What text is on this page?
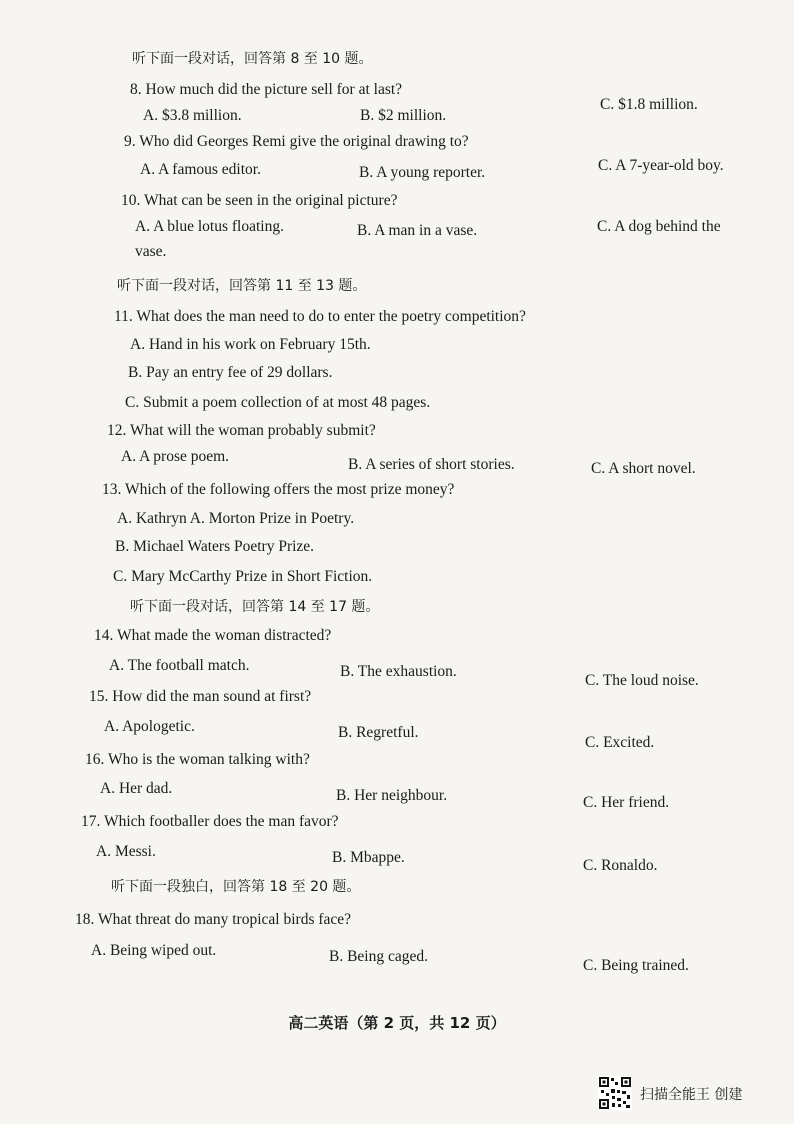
听下面一段对话，回答第 8 至 10 题。
8. How much did the picture sell for at last?
A. $3.8 million.	B. $2 million.
C. $1.8 million.
9. Who did Georges Remi give the original drawing to?
A. A famous editor.	B. A young reporter.	C. A 7-year-old boy.
10. What can be seen in the original picture?
A. A blue lotus floating.	B. A man in a vase.	C. A dog behind the
vase.
听下面一段对话，回答第 11 至 13 题。
11. What does the man need to do to enter the poetry competition?
A. Hand in his work on February 15th.
B. Pay an entry fee of 29 dollars.
C. Submit a poem collection of at most 48 pages.
12. What will the woman probably submit?
A. A prose poem.	B. A series of short stories.	C. A short novel.
13. Which of the following offers the most prize money?
A. Kathryn A. Morton Prize in Poetry.
B. Michael Waters Poetry Prize.
C. Mary McCarthy Prize in Short Fiction.
听下面一段对话，回答第 14 至 17 题。
14. What made the woman distracted?
A. The football match.	B. The exhaustion.
C. The loud noise.
15. How did the man sound at first?
A. Apologetic.	B. Regretful.
C. Excited.
16. Who is the woman talking with?
A. Her dad.	B. Her neighbour.	C. Her friend.
17. Which footballer does the man favor?
A. Messi.	B. Mbappe.	C. Ronaldo.
听下面一段独白，回答第 18 至 20 题。
18. What threat do many tropical birds face?
A. Being wiped out.	B. Being caged.
C. Being trained.
高二英语（第 2 页，共 12 页）
扫描全能王 创建
